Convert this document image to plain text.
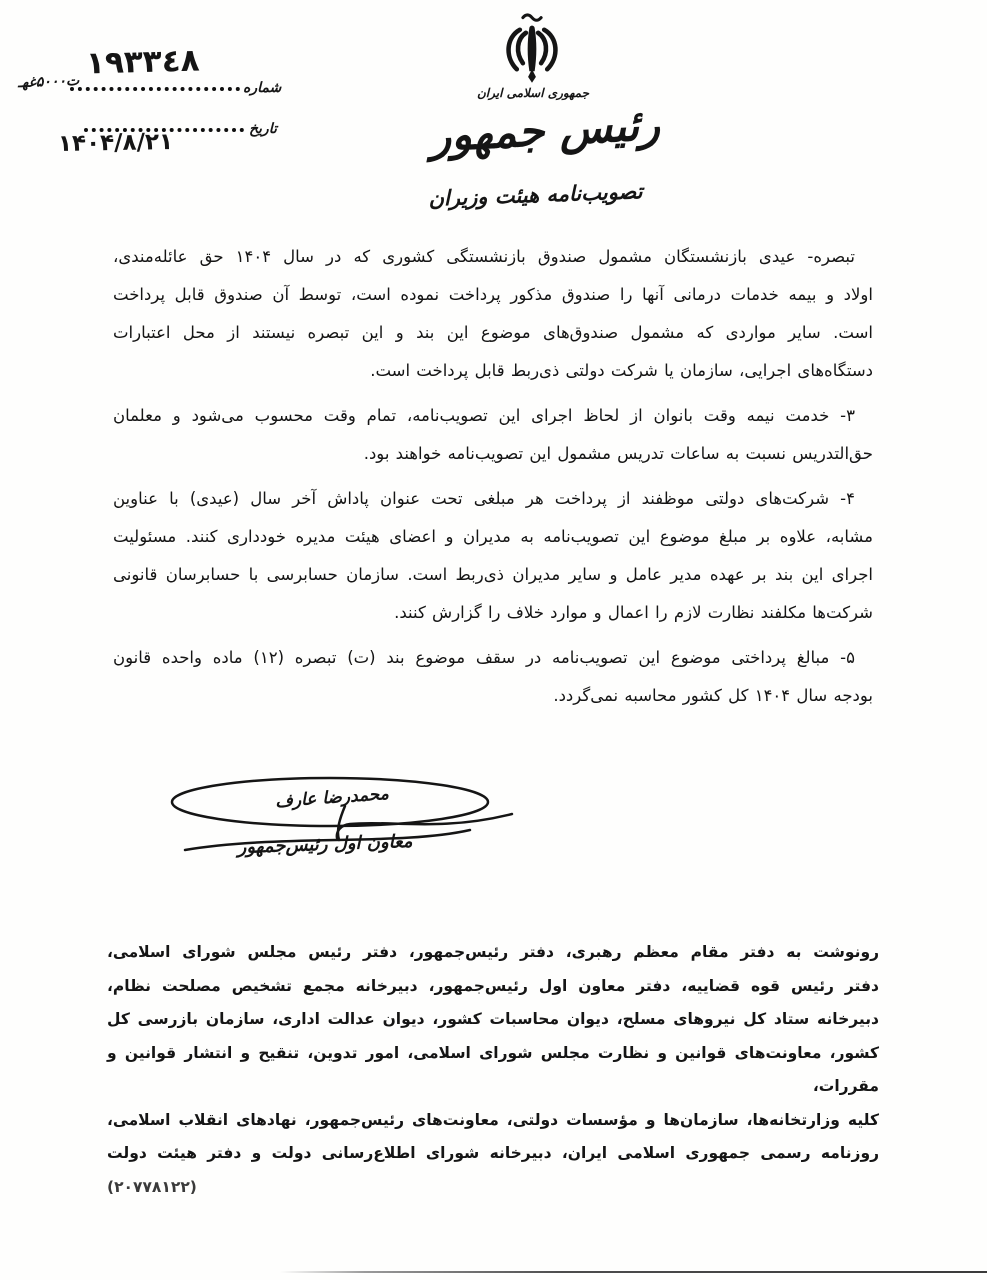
١٩٣٣٤٨
شماره
ت۵۰۰۰غهـ
تاریخ
۱۴۰۴/۸/۲۱
جمهوری اسلامی ایران
رئیس جمهور
تصویب‌نامه هیئت وزیران
تبصره- عیدی بازنشستگان مشمول صندوق بازنشستگی کشوری که در سال ۱۴۰۴ حق عائله‌مندی،
اولاد و بیمه خدمات درمانی آنها را صندوق مذکور پرداخت نموده است، توسط آن صندوق قابل پرداخت
است. سایر مواردی که مشمول صندوق‌های موضوع این بند و این تبصره نیستند از محل اعتبارات
دستگاه‌های اجرایی، سازمان یا شرکت دولتی ذی‌ربط قابل پرداخت است.
۳- خدمت نیمه وقت بانوان از لحاظ اجرای این تصویب‌نامه، تمام وقت محسوب می‌شود و معلمان
حق‌التدریس نسبت به ساعات تدریس مشمول این تصویب‌نامه خواهند بود.
۴- شرکت‌های دولتی موظفند از پرداخت هر مبلغی تحت عنوان پاداش آخر سال (عیدی) با عناوین
مشابه، علاوه بر مبلغ موضوع این تصویب‌نامه به مدیران و اعضای هیئت مدیره خودداری کنند. مسئولیت
اجرای این بند بر عهده مدیر عامل و سایر مدیران ذی‌ربط است. سازمان حسابرسی با حسابرسان قانونی
شرکت‌ها مکلفند نظارت لازم را اعمال و موارد خلاف را گزارش کنند.
۵- مبالغ پرداختی موضوع این تصویب‌نامه در سقف موضوع بند (ت) تبصره (۱۲) ماده واحده قانون
بودجه سال ۱۴۰۴ کل کشور محاسبه نمی‌گردد.
محمدرضا عارف
معاون اول رئیس‌جمهور
رونوشت به دفتر مقام معظم رهبری، دفتر رئیس‌جمهور، دفتر رئیس مجلس شورای اسلامی،
دفتر رئیس قوه قضاییه، دفتر معاون اول رئیس‌جمهور، دبیرخانه مجمع تشخیص مصلحت نظام،
دبیرخانه ستاد کل نیروهای مسلح، دیوان محاسبات کشور، دیوان عدالت اداری، سازمان بازرسی کل
کشور، معاونت‌های قوانین و نظارت مجلس شورای اسلامی، امور تدوین، تنقیح و انتشار قوانین و مقررات،
کلیه وزارتخانه‌ها، سازمان‌ها و مؤسسات دولتی، معاونت‌های رئیس‌جمهور، نهادهای انقلاب اسلامی،
روزنامه رسمی جمهوری اسلامی ایران، دبیرخانه شورای اطلاع‌رسانی دولت و دفتر هیئت دولت
(۲۰۷۷۸۱۲۲)
